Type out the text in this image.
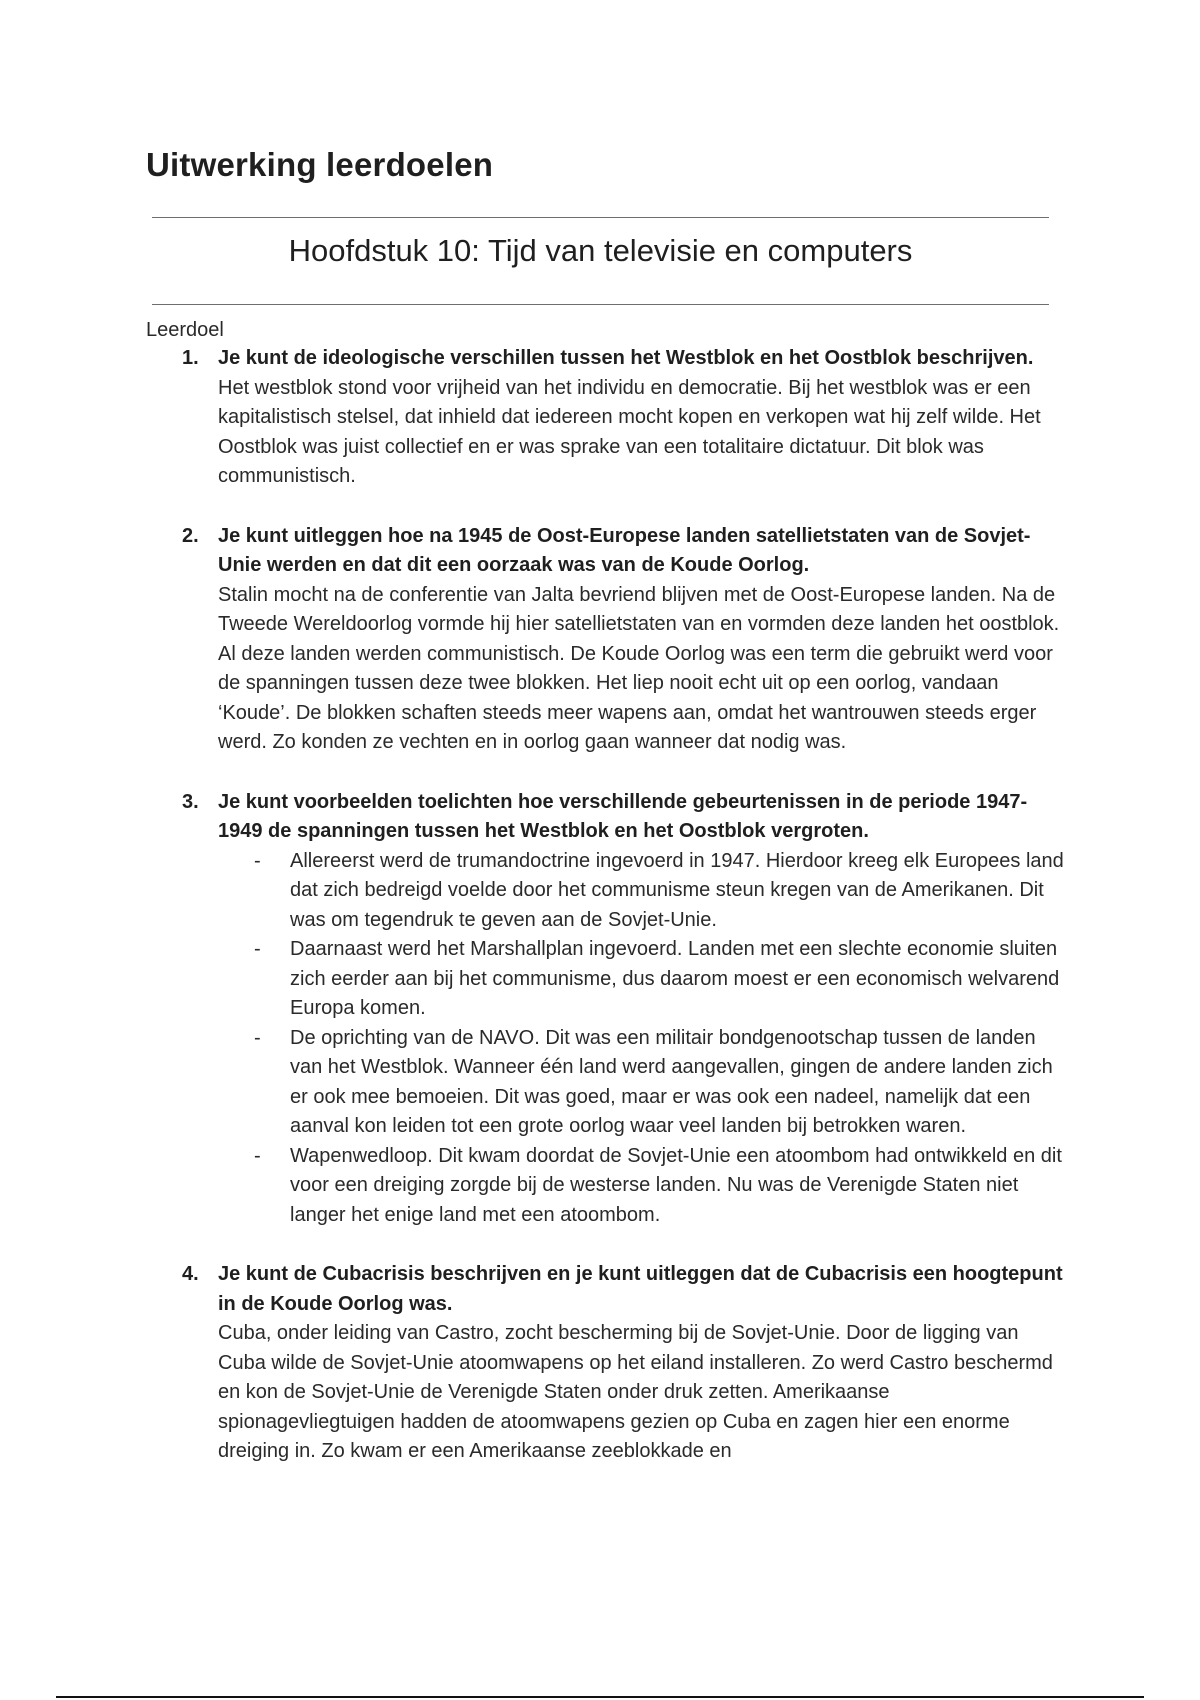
Uitwerking leerdoelen
Hoofdstuk 10: Tijd van televisie en computers
Leerdoel
1. Je kunt de ideologische verschillen tussen het Westblok en het Oostblok beschrijven.
Het westblok stond voor vrijheid van het individu en democratie. Bij het westblok was er een kapitalistisch stelsel, dat inhield dat iedereen mocht kopen en verkopen wat hij zelf wilde. Het Oostblok was juist collectief en er was sprake van een totalitaire dictatuur. Dit blok was communistisch.
2. Je kunt uitleggen hoe na 1945 de Oost-Europese landen satellietstaten van de Sovjet-Unie werden en dat dit een oorzaak was van de Koude Oorlog.
Stalin mocht na de conferentie van Jalta bevriend blijven met de Oost-Europese landen. Na de Tweede Wereldoorlog vormde hij hier satellietstaten van en vormden deze landen het oostblok. Al deze landen werden communistisch. De Koude Oorlog was een term die gebruikt werd voor de spanningen tussen deze twee blokken. Het liep nooit echt uit op een oorlog, vandaan ‘Koude’. De blokken schaften steeds meer wapens aan, omdat het wantrouwen steeds erger werd. Zo konden ze vechten en in oorlog gaan wanneer dat nodig was.
3. Je kunt voorbeelden toelichten hoe verschillende gebeurtenissen in de periode 1947-1949 de spanningen tussen het Westblok en het Oostblok vergroten.
- Allereerst werd de trumandoctrine ingevoerd in 1947. Hierdoor kreeg elk Europees land dat zich bedreigd voelde door het communisme steun kregen van de Amerikanen. Dit was om tegendruk te geven aan de Sovjet-Unie.
- Daarnaast werd het Marshallplan ingevoerd. Landen met een slechte economie sluiten zich eerder aan bij het communisme, dus daarom moest er een economisch welvarend Europa komen.
- De oprichting van de NAVO. Dit was een militair bondgenootschap tussen de landen van het Westblok. Wanneer één land werd aangevallen, gingen de andere landen zich er ook mee bemoeien. Dit was goed, maar er was ook een nadeel, namelijk dat een aanval kon leiden tot een grote oorlog waar veel landen bij betrokken waren.
- Wapenwedloop. Dit kwam doordat de Sovjet-Unie een atoombom had ontwikkeld en dit voor een dreiging zorgde bij de westerse landen. Nu was de Verenigde Staten niet langer het enige land met een atoombom.
4. Je kunt de Cubacrisis beschrijven en je kunt uitleggen dat de Cubacrisis een hoogtepunt in de Koude Oorlog was.
Cuba, onder leiding van Castro, zocht bescherming bij de Sovjet-Unie. Door de ligging van Cuba wilde de Sovjet-Unie atoomwapens op het eiland installeren. Zo werd Castro beschermd en kon de Sovjet-Unie de Verenigde Staten onder druk zetten. Amerikaanse spionagevliegtuigen hadden de atoomwapens gezien op Cuba en zagen hier een enorme dreiging in. Zo kwam er een Amerikaanse zeeblokkade en
